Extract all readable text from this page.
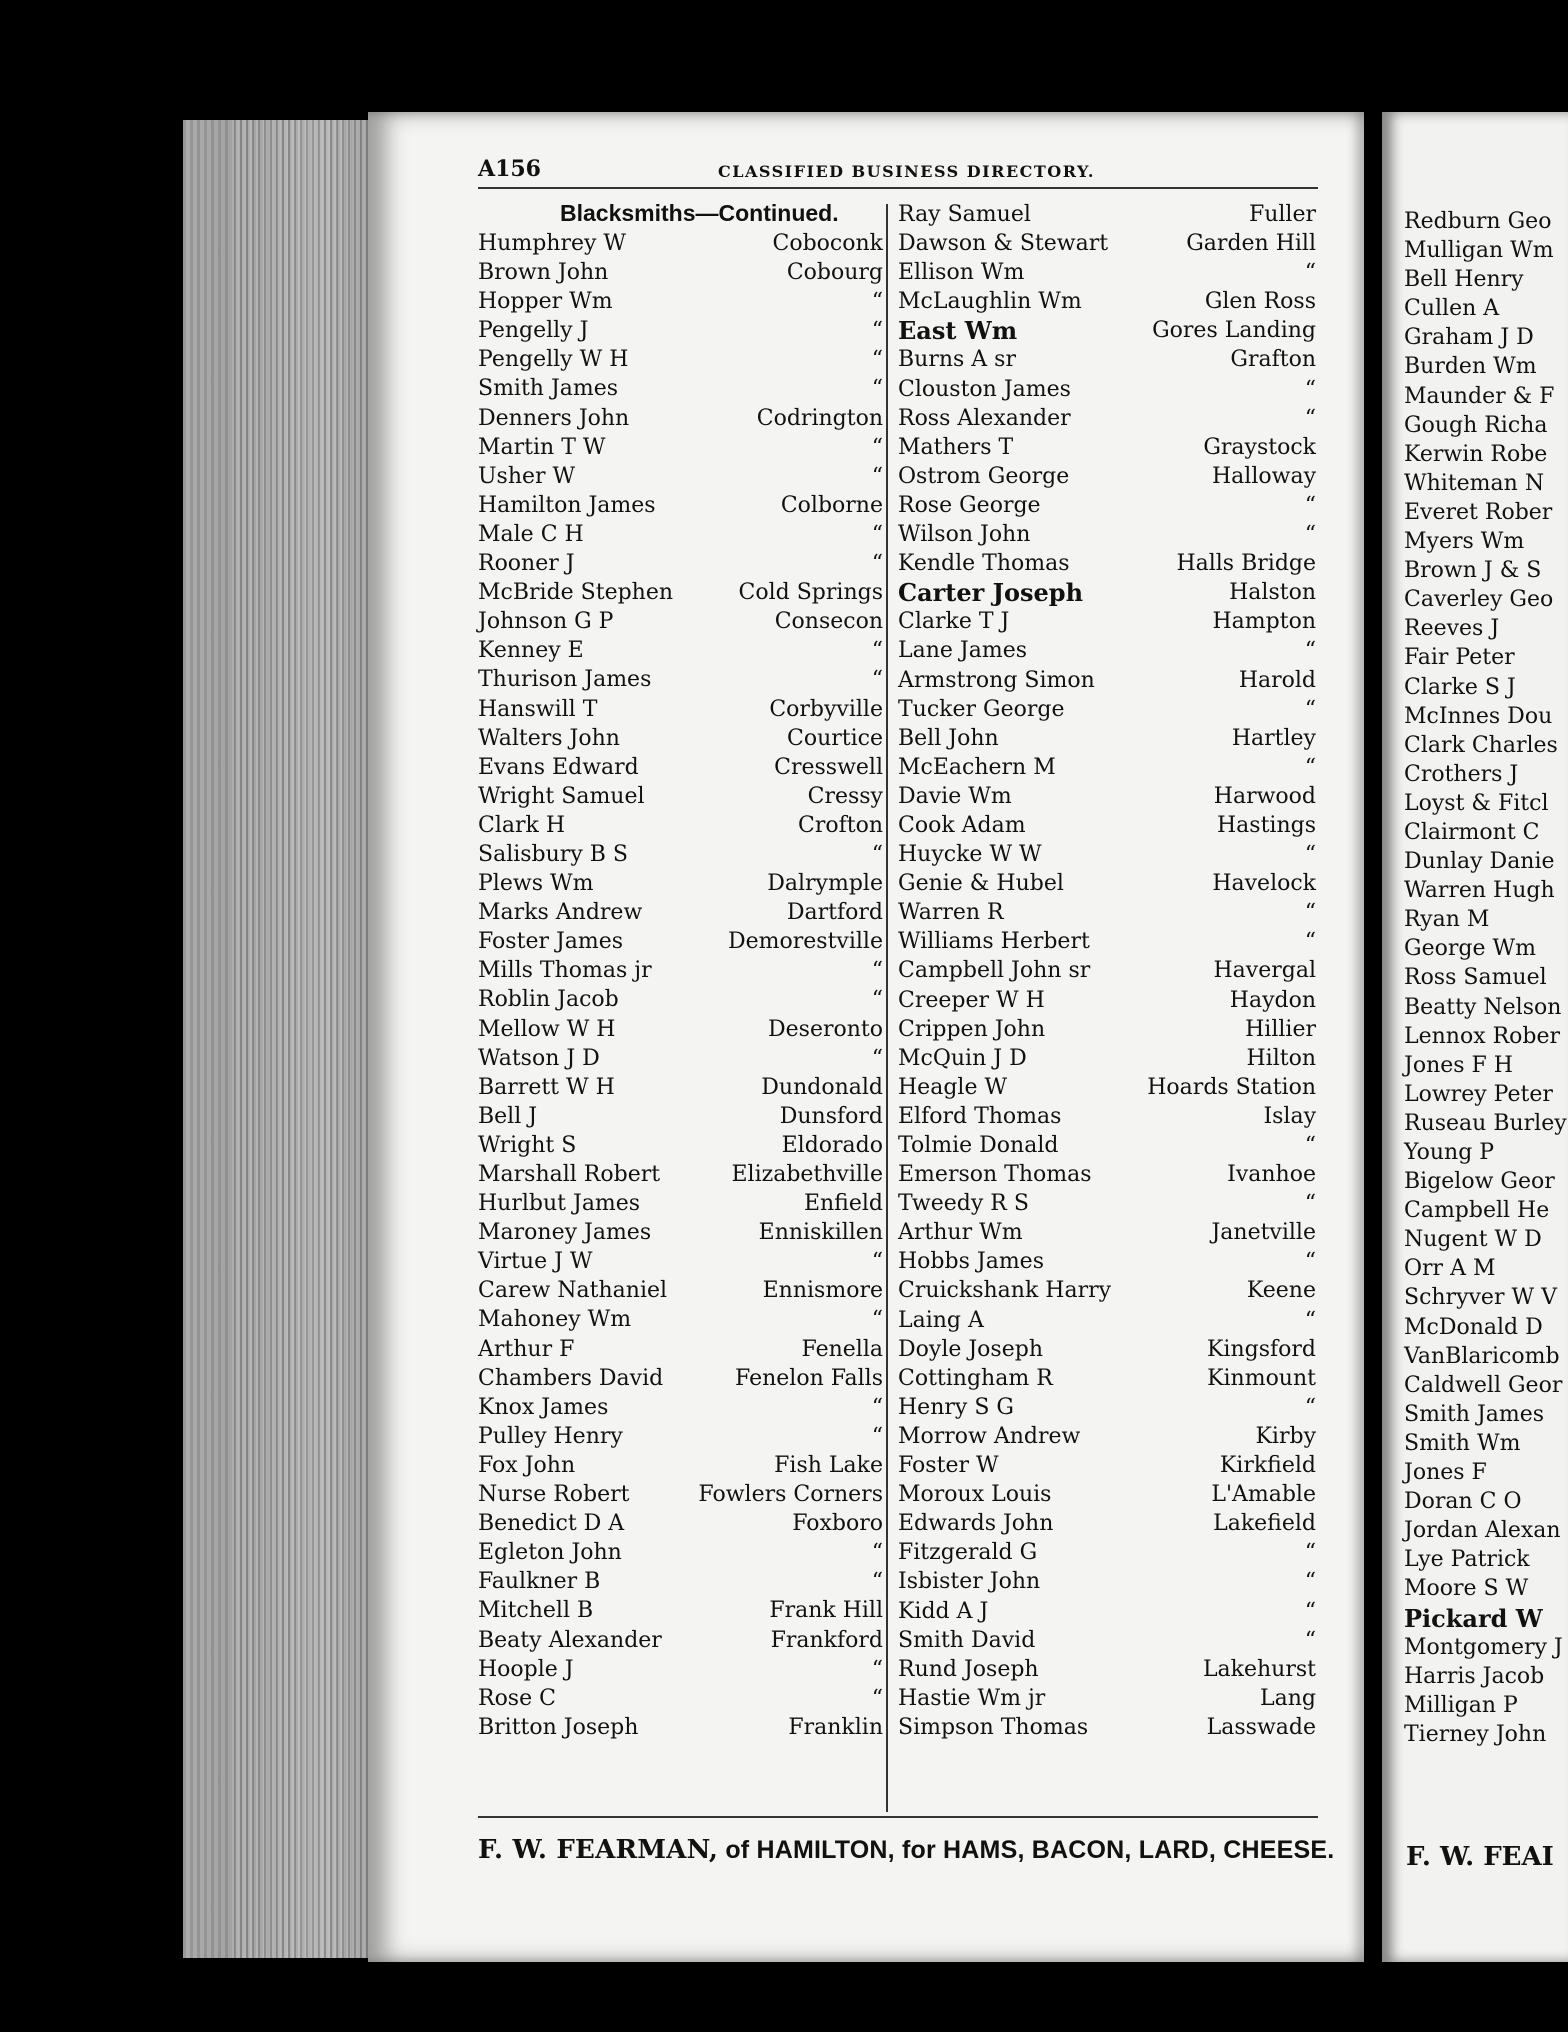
A156	CLASSIFIED BUSINESS DIRECTORY.
Blacksmiths—Continued.
Humphrey W	Coboconk
Brown John	Cobourg
Hopper Wm	“
Pengelly J	“
Pengelly W H	“
Smith James	“
Denners John	Codrington
Martin T W	“
Usher W	“
Hamilton James	Colborne
Male C H	“
Rooner J	“
McBride Stephen	Cold Springs
Johnson G P	Consecon
Kenney E	“
Thurison James	“
Hanswill T	Corbyville
Walters John	Courtice
Evans Edward	Cresswell
Wright Samuel	Cressy
Clark H	Crofton
Salisbury B S	“
Plews Wm	Dalrymple
Marks Andrew	Dartford
Foster James	Demorestville
Mills Thomas jr	“
Roblin Jacob	“
Mellow W H	Deseronto
Watson J D	“
Barrett W H	Dundonald
Bell J	Dunsford
Wright S	Eldorado
Marshall Robert	Elizabethville
Hurlbut James	Enfield
Maroney James	Enniskillen
Virtue J W	“
Carew Nathaniel	Ennismore
Mahoney Wm	“
Arthur F	Fenella
Chambers David	Fenelon Falls
Knox James	“
Pulley Henry	“
Fox John	Fish Lake
Nurse Robert	Fowlers Corners
Benedict D A	Foxboro
Egleton John	“
Faulkner B	“
Mitchell B	Frank Hill
Beaty Alexander	Frankford
Hoople J	“
Rose C	“
Britton Joseph	Franklin
Ray Samuel	Fuller
Dawson & Stewart	Garden Hill
Ellison Wm	“
McLaughlin Wm	Glen Ross
East Wm	Gores Landing
Burns A sr	Grafton
Clouston James	“
Ross Alexander	“
Mathers T	Graystock
Ostrom George	Halloway
Rose George	“
Wilson John	“
Kendle Thomas	Halls Bridge
Carter Joseph	Halston
Clarke T J	Hampton
Lane James	“
Armstrong Simon	Harold
Tucker George	“
Bell John	Hartley
McEachern M	“
Davie Wm	Harwood
Cook Adam	Hastings
Huycke W W	“
Genie & Hubel	Havelock
Warren R	“
Williams Herbert	“
Campbell John sr	Havergal
Creeper W H	Haydon
Crippen John	Hillier
McQuin J D	Hilton
Heagle W	Hoards Station
Elford Thomas	Islay
Tolmie Donald	“
Emerson Thomas	Ivanhoe
Tweedy R S	“
Arthur Wm	Janetville
Hobbs James	“
Cruickshank Harry	Keene
Laing A	“
Doyle Joseph	Kingsford
Cottingham R	Kinmount
Henry S G	“
Morrow Andrew	Kirby
Foster W	Kirkfield
Moroux Louis	L'Amable
Edwards John	Lakefield
Fitzgerald G	“
Isbister John	“
Kidd A J	“
Smith David	“
Rund Joseph	Lakehurst
Hastie Wm jr	Lang
Simpson Thomas	Lasswade
F. W. FEARMAN, of HAMILTON, for HAMS, BACON, LARD, CHEESE.
Redburn Geo
Mulligan Wm
Bell Henry
Cullen A
Graham J D
Burden Wm
Maunder & F
Gough Richa
Kerwin Robe
Whiteman N
Everet Rober
Myers Wm
Brown J & S
Caverley Geo
Reeves J
Fair Peter
Clarke S J
McInnes Dou
Clark Charles
Crothers J
Loyst & Fitcl
Clairmont C
Dunlay Danie
Warren Hugh
Ryan M
George Wm
Ross Samuel
Beatty Nelson
Lennox Rober
Jones F H
Lowrey Peter
Ruseau Burley
Young P
Bigelow Geor
Campbell He
Nugent W D
Orr A M
Schryver W V
McDonald D
VanBlaricomb
Caldwell Geor
Smith James
Smith Wm
Jones F
Doran C O
Jordan Alexan
Lye Patrick
Moore S W
Pickard W
Montgomery J
Harris Jacob
Milligan P
Tierney John
F. W. FEAI
